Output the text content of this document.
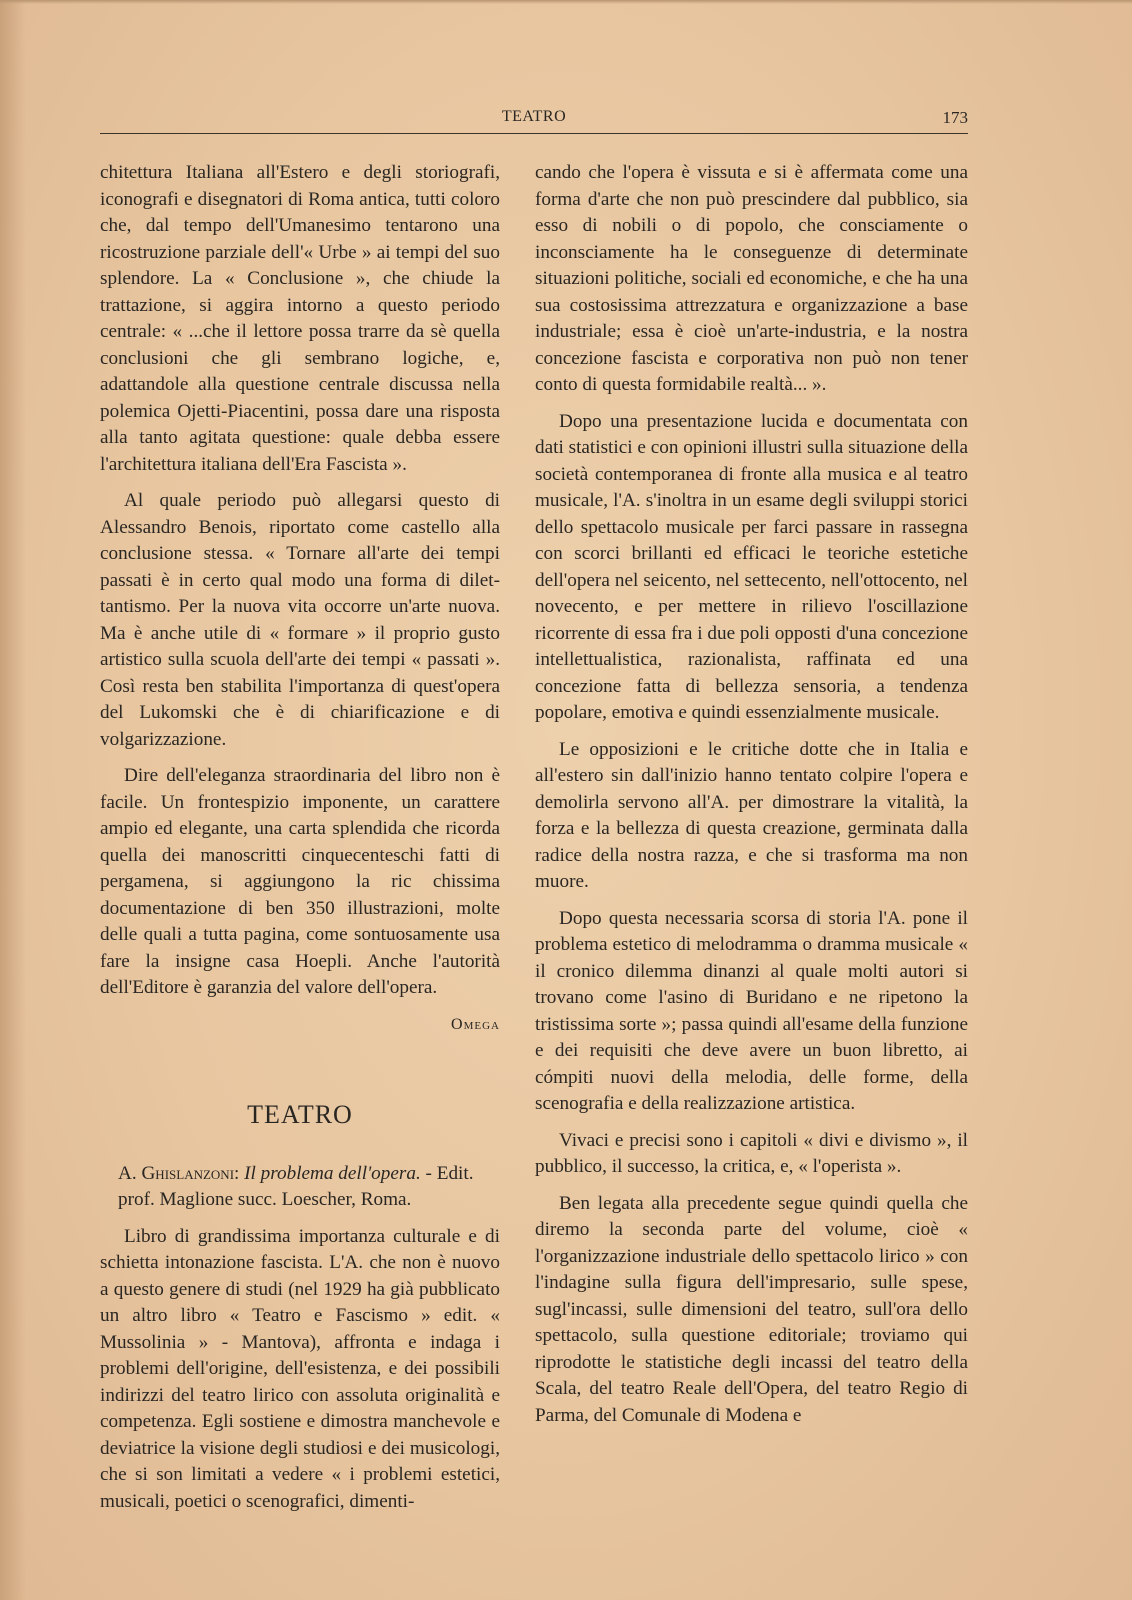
TEATRO	173

chitettura Italiana all'Estero e degli storiografi, iconografi e disegnatori di Roma antica, tutti coloro che, dal tempo dell'Umanesimo tentarono una ricostruzione parziale dell'« Urbe » ai tempi del suo splendore. La « Conclusione », che chiude la trattazione, si aggira intorno a questo periodo centrale: « ...che il lettore possa trarre da sè quella conclusioni che gli sembrano logiche, e, adattandole alla questione centrale discussa nella polemica Ojetti-Piacentini, possa dare una risposta alla tanto agitata questione: quale debba essere l'architettura italiana dell'Era Fascista ».

Al quale periodo può allegarsi questo di Alessandro Benois, riportato come castello alla conclusione stessa. « Tornare all'arte dei tempi passati è in certo qual modo una forma di dilettantismo. Per la nuova vita occorre un'arte nuova. Ma è anche utile di « formare » il proprio gusto artistico sulla scuola dell'arte dei tempi « passati ». Così resta ben stabilita l'importanza di quest'opera del Lukomski che è di chiarificazione e di volgarizzazione.

Dire dell'eleganza straordinaria del libro non è facile. Un frontespizio imponente, un carattere ampio ed elegante, una carta splendida che ricorda quella dei manoscritti cinquecenteschi fatti di pergamena, si aggiungono la ric chissima documentazione di ben 350 illustrazioni, molte delle quali a tutta pagina, come sontuosamente usa fare la insigne casa Hoepli. Anche l'autorità dell'Editore è garanzia del valore dell'opera.

Omega
TEATRO

A. Ghislanzoni: Il problema dell'opera. - Edit. prof. Maglione succ. Loescher, Roma.

Libro di grandissima importanza culturale e di schietta intonazione fascista. L'A. che non è nuovo a questo genere di studi (nel 1929 ha già pubblicato un altro libro « Teatro e Fascismo » edit. « Mussolinia » - Mantova), affronta e indaga i problemi dell'origine, dell'esistenza, e dei possibili indirizzi del teatro lirico con assoluta originalità e competenza. Egli sostiene e dimostra manchevole e deviatrice la visione degli studiosi e dei musicologi, che si son limitati a vedere « i problemi estetici, musicali, poetici o scenografici, dimenti-

cando che l'opera è vissuta e si è affermata come una forma d'arte che non può prescindere dal pubblico, sia esso di nobili o di popolo, che consciamente o inconsciamente ha le conseguenze di determinate situazioni politiche, sociali ed economiche, e che ha una sua costosissima attrezzatura e organizzazione a base industriale; essa è cioè un'arte-industria, e la nostra concezione fascista e corporativa non può non tener conto di questa formidabile realtà... ».

Dopo una presentazione lucida e documentata con dati statistici e con opinioni illustri sulla situazione della società contemporanea di fronte alla musica e al teatro musicale, l'A. s'inoltra in un esame degli sviluppi storici dello spettacolo musicale per farci passare in rassegna con scorci brillanti ed efficaci le teoriche estetiche dell'opera nel seicento, nel settecento, nell'ottocento, nel novecento, e per mettere in rilievo l'oscillazione ricorrente di essa fra i due poli opposti d'una concezione intellettualistica, razionalista, raffinata ed una concezione fatta di bellezza sensoria, a tendenza popolare, emotiva e quindi essenzialmente musicale.

Le opposizioni e le critiche dotte che in Italia e all'estero sin dall'inizio hanno tentato colpire l'opera e demolirla servono all'A. per dimostrare la vitalità, la forza e la bellezza di questa creazione, germinata dalla radice della nostra razza, e che si trasforma ma non muore.

Dopo questa necessaria scorsa di storia l'A. pone il problema estetico di melodramma o dramma musicale « il cronico dilemma dinanzi al quale molti autori si trovano come l'asino di Buridano e ne ripetono la tristissima sorte »; passa quindi all'esame della funzione e dei requisiti che deve avere un buon libretto, ai cómpiti nuovi della melodia, delle forme, della scenografia e della realizzazione artistica.

Vivaci e precisi sono i capitoli « divi e divismo », il pubblico, il successo, la critica, e, « l'operista ».

Ben legata alla precedente segue quindi quella che diremo la seconda parte del volume, cioè « l'organizzazione industriale dello spettacolo lirico » con l'indagine sulla figura dell'impresario, sulle spese, sugl'incassi, sulle dimensioni del teatro, sull'ora dello spettacolo, sulla questione editoriale; troviamo qui riprodotte le statistiche degli incassi del teatro della Scala, del teatro Reale dell'Opera, del teatro Regio di Parma, del Comunale di Modena e
